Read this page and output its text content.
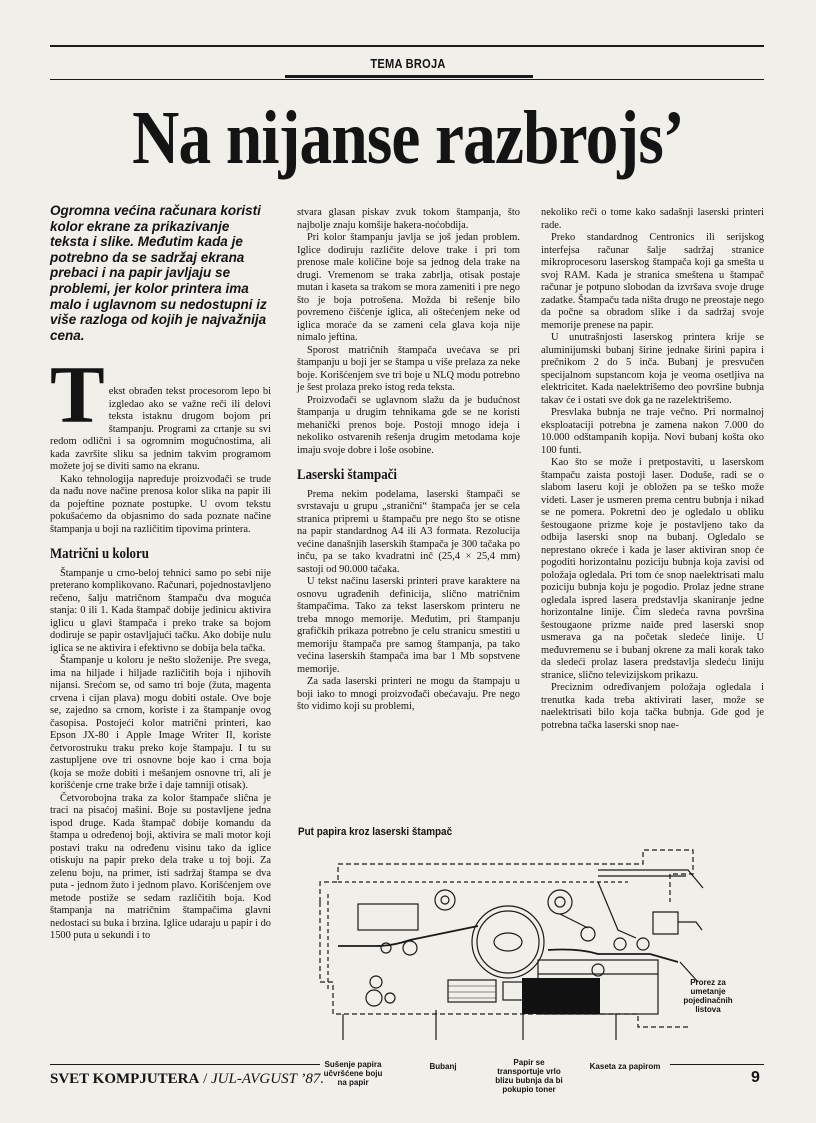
TEMA BROJA
Na nijanse razbrojs’
Ogromna većina računara koristi kolor ekrane za prikazivanje teksta i slike. Međutim kada je potrebno da se sadržaj ekrana prebaci i na papir javljaju se problemi, jer kolor printera ima malo i uglavnom su nedostupni iz više razloga od kojih je najvažnija cena.
T ekst obrađen tekst procesorom lepo bi izgledao ako se važne reči ili delovi teksta istaknu drugom bojom pri štampanju. Programi za crtanje su svi redom odlični i sa ogromnim mogućnostima, ali kada završite sliku sa jednim takvim programom možete joj se diviti samo na ekranu.

Kako tehnologija napreduje proizvođači se trude da nađu nove načine prenosa kolor slika na papir ili da pojeftine poznate postupke. U ovom tekstu pokušaćemo da objasnimo do sada poznate načine štampanja u boji na različitim tipovima printera.

Matrični u koloru

Štampanje u crno-beloj tehnici samo po sebi nije preterano komplikovano. Računari, pojednostavljeno rečeno, šalju matričnom štampaču dva moguća stanja: 0 ili 1. Kada štampač dobije jedinicu aktivira iglicu u glavi štampača i preko trake sa bojom dodiruje se papir ostavljajući tačku. Ako dobije nulu iglica se ne aktivira i efektivno se dobija bela tačka.

Štampanje u koloru je nešto složenije. Pre svega, ima na hiljade i hiljade različitih boja i njihovih nijansi. Srećom se, od samo tri boje (žuta, magenta crvena i cijan plava) mogu dobiti ostale. Ove boje se, zajedno sa crnom, koriste i za štampanje ovog časopisa. Postojeći kolor matrični printeri, kao Epson JX-80 i Apple Image Writer II, koriste četvorostruku traku preko koje štampaju. I tu su zastupljene ove tri osnovne boje kao i crna boja (koja se može dobiti i mešanjem osnovne tri, ali je korišćenje crne trake brže i daje tamniji otisak).

Četvorobojna traka za kolor štampače slična je traci na pisaćoj mašini. Boje su postavljene jedna ispod druge. Kada štampač dobije komandu da štampa u određenoj boji, aktivira se mali motor koji postavi traku na određenu visinu tako da iglice otiskuju na papir preko dela trake u toj boji. Za zelenu boju, na primer, isti sadržaj štampa se dva puta - jednom žuto i jednom plavo. Korišćenjem ove metode postiže se sedam različitih boja. Kod štampanja na matričnim štampačima glavni nedostaci su buka i brzina. Iglice udaraju u papir i do 1500 puta u sekundi i to

stvara glasan piskav zvuk tokom štampanja, što najbolje znaju komšije hakera-noćobdija.

Pri kolor štampanju javlja se još jedan problem. Iglice dodiruju različite delove trake i pri tom prenose male količine boje sa jednog dela trake na drugi. Vremenom se traka zabrlja, otisak postaje mutan i kaseta sa trakom se mora zameniti i pre nego što je boja potrošena. Možda bi rešenje bilo povremeno čišćenje iglica, ali oštećenjem neke od iglica moraće da se zameni cela glava koja nije nimalo jeftina.

Sporost matričnih štampača uvećava se pri štampanju u boji jer se štampa u više prelaza za neke boje. Korišćenjem sve tri boje u NLQ modu potrebno je šest prolaza preko istog reda teksta.

Proizvođači se uglavnom slažu da je budućnost štampanja u drugim tehnikama gde se ne koristi mehanički prenos boje. Postoji mnogo ideja i nekoliko ostvarenih rešenja drugim metodama koje imaju svoje dobre i loše osobine.

Laserski štampači

Prema nekim podelama, laserski štampači se svrstavaju u grupu „stranični“ štampača jer se cela stranica pripremi u štampaču pre nego što se otisne na papir standardnog A4 ili A3 formata. Rezolucija većine današnjih laserskih štampača je 300 tačaka po inču, pa se tako kvadratni inč (25,4 × 25,4 mm) sastoji od 90.000 tačaka.

U tekst načinu laserski printeri prave karaktere na osnovu ugrađenih definicija, slično matričnim štampačima. Tako za tekst laserskom printeru ne treba mnogo memorije. Međutim, pri štampanju grafičkih prikaza potrebno je celu stranicu smestiti u memoriju štampača pre samog štampanja, pa tako većina laserskih štampača ima bar 1 Mb sopstvene memorije.

Za sada laserski printeri ne mogu da štampaju u boji iako to mnogi proizvođači obećavaju. Pre nego što vidimo koji su problemi,

nekoliko reči o tome kako sadašnji laserski printeri rade.

Preko standardnog Centronics ili serijskog interfejsa računar šalje sadržaj stranice mikroprocesoru laserskog štampača koji ga smešta u svoj RAM. Kada je stranica smeštena u štampač računar je potpuno slobodan da izvršava svoje druge zadatke. Štampaču tada ništa drugo ne preostaje nego da počne sa obradom slike i da sadržaj svoje memorije prenese na papir.

U unutrašnjosti laserskog printera krije se aluminijumski bubanj širine jednake širini papira i prečnikom 2 do 5 inča. Bubanj je presvučen specijalnom supstancom koja je veoma osetljiva na elektricitet. Kada naelektrišemo deo površine bubnja takav će i ostati sve dok ga ne razelektrišemo.

Presvlaka bubnja ne traje večno. Pri normalnoj eksploataciji potrebna je zamena nakon 7.000 do 10.000 odštampanih kopija. Novi bubanj košta oko 100 funti.

Kao što se može i pretpostaviti, u laserskom štampaču zaista postoji laser. Doduše, radi se o slabom laseru koji je obložen pa se teško može videti. Laser je usmeren prema centru bubnja i nikad se ne pomera. Pokretni deo je ogledalo u obliku šestougaone prizme koje je postavljeno tako da odbija laserski snop na bubanj. Ogledalo se neprestano okreće i kada je laser aktiviran snop će pogoditi horizontalnu poziciju bubnja koja zavisi od položaja ogledala. Pri tom će snop naelektrisati malu poziciju bubnja koju je pogodio. Prolaz jedne strane ogledala ispred lasera predstavlja skaniranje jedne horizontalne linije. Čim sledeća ravna površina šestougaone prizme naiđe pred laserski snop usmerava ga na početak sledeće linije. U međuvremenu se i bubanj okrene za mali korak tako da sledeći prolaz lasera predstavlja sledeću liniju stranice, slično televizijskom prikazu.

Preciznim određivanjem položaja ogledala i trenutka kada treba aktivirati laser, može se naelektrisati bilo koja tačka bubnja. Gde god je potrebna tačka laserski snop nae-

Put papira kroz laserski štampač
Prorez za umetanje pojedinačnih listova
Sušenje papira učvršćene boju na papir
Bubanj	Papir se transportuje vrlo blizu bubnja da bi pokupio toner
Kaseta za papirom
SVET KOMPJUTERA / JUL-AVGUST ’87.	9
